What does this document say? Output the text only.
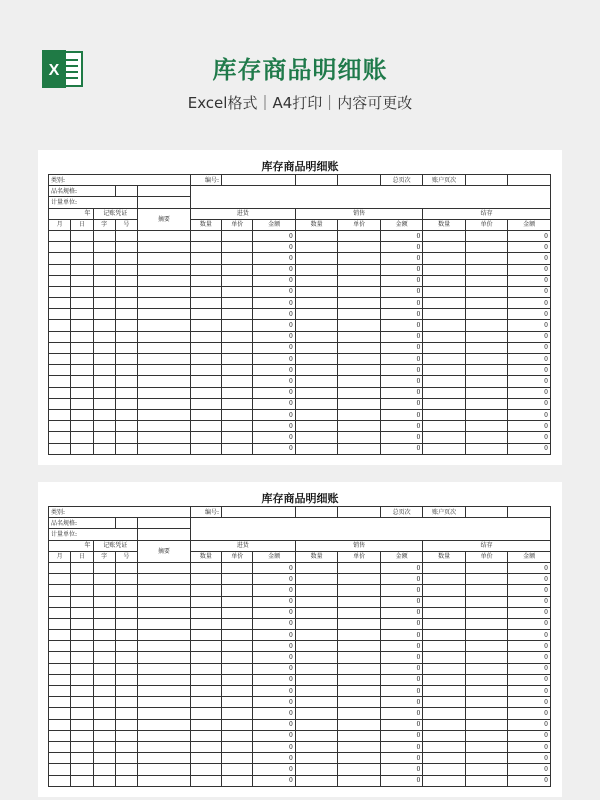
X	库存商品明细账
Excel格式｜A4打印｜内容可更改
库存商品明细账
类别:					编号:					总页次	账户页次		
品名规格:													
计量单位:													
年		记账凭证		摘要	进货			销售			结存		
月	日	字	号		数量	单价	金额	数量	单价	金额	数量	单价	金额
							0			0			0
							0			0			0
							0			0			0
							0			0			0
							0			0			0
							0			0			0
							0			0			0
							0			0			0
							0			0			0
							0			0			0
							0			0			0
							0			0			0
							0			0			0
							0			0			0
							0			0			0
							0			0			0
							0			0			0
							0			0			0
							0			0			0
							0			0			0
库存商品明细账
类别:					编号:					总页次	账户页次		
品名规格:													
计量单位:													
年		记账凭证		摘要	进货			销售			结存		
月	日	字	号		数量	单价	金额	数量	单价	金额	数量	单价	金额
							0			0			0
							0			0			0
							0			0			0
							0			0			0
							0			0			0
							0			0			0
							0			0			0
							0			0			0
							0			0			0
							0			0			0
							0			0			0
							0			0			0
							0			0			0
							0			0			0
							0			0			0
							0			0			0
							0			0			0
							0			0			0
							0			0			0
							0			0			0
